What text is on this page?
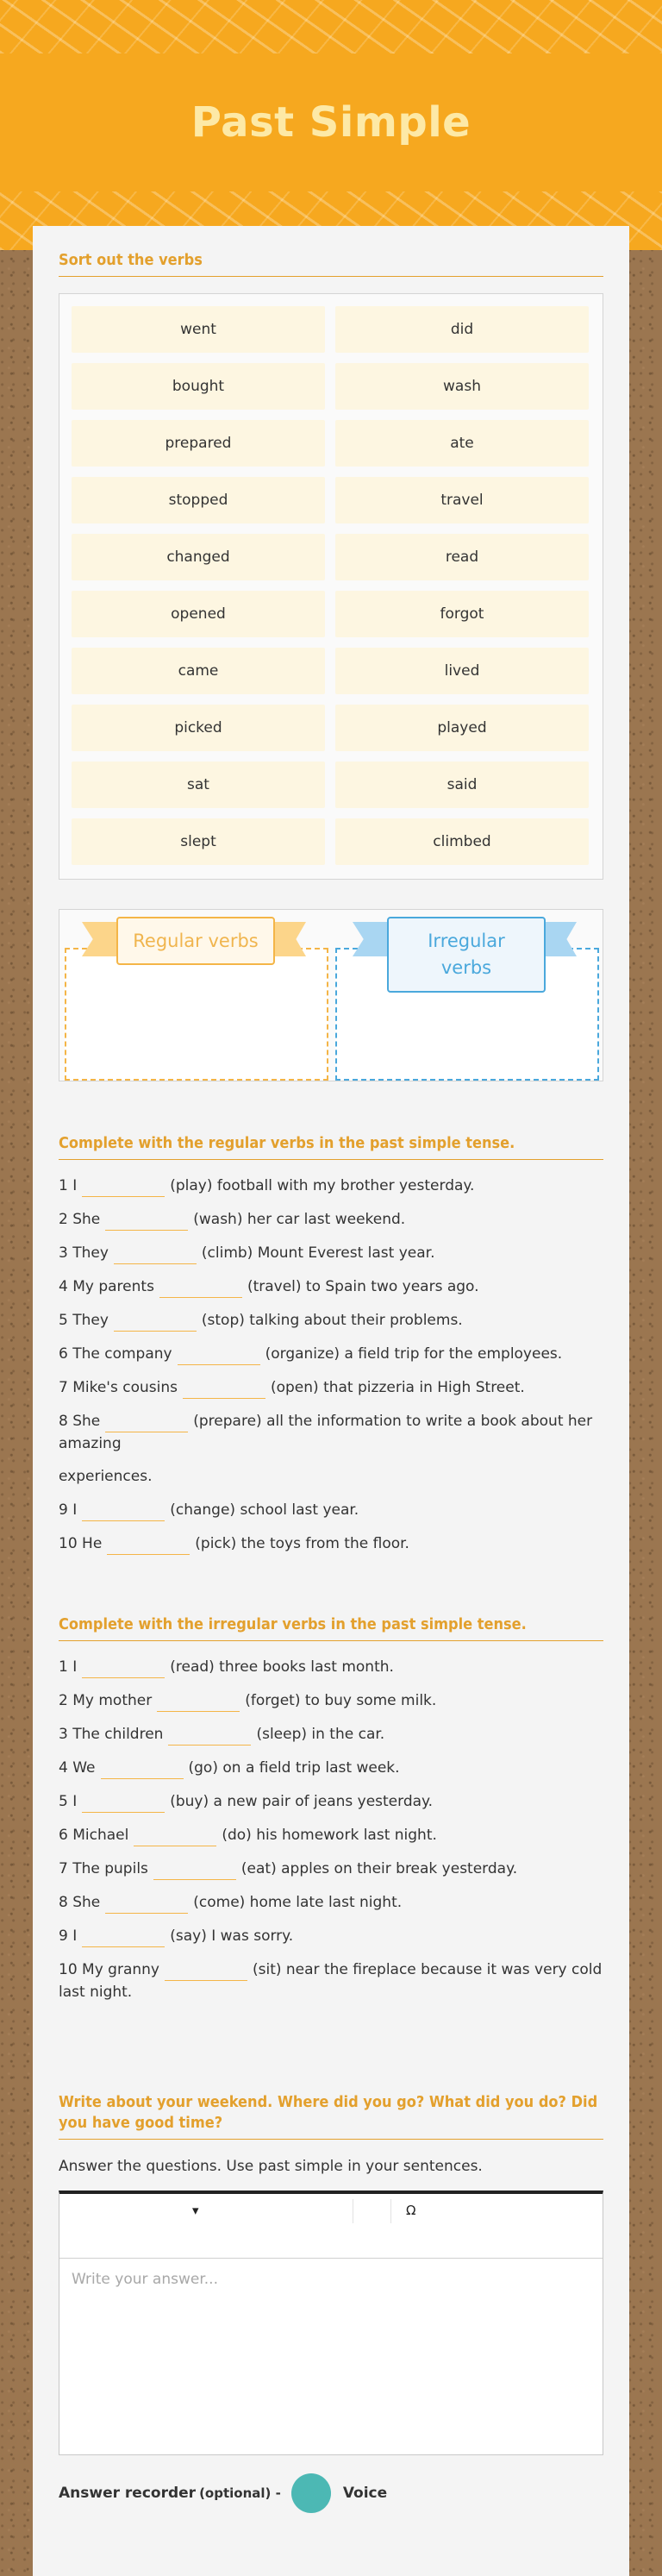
Past Simple
Sort out the verbs
went	did
bought	wash
prepared	ate
stopped	travel
changed	read
opened	forgot
came	lived
picked	played
sat	said
slept	climbed
Regular verbs	Irregular verbs
Complete with the regular verbs in the past simple tense.
1 I	(play) football with my brother yesterday.
2 She	(wash) her car last weekend.
3 They	(climb) Mount Everest last year.
4 My parents	(travel) to Spain two years ago.
5 They	(stop) talking about their problems.
6 The company	(organize) a field trip for the employees.
7 Mike's cousins	(open) that pizzeria in High Street.
8 She	(prepare) all the information to write a book about her amazing
experiences.
9 I	(change) school last year.
10 He	(pick) the toys from the floor.
Complete with the irregular verbs in the past simple tense.
1 I	(read) three books last month.
2 My mother	(forget) to buy some milk.
3 The children	(sleep) in the car.
4 We	(go) on a field trip last week.
5 I	(buy) a new pair of jeans yesterday.
6 Michael	(do) his homework last night.
7 The pupils	(eat) apples on their break yesterday.
8 She	(come) home late last night.
9 I	(say) I was sorry.
10 My granny	(sit) near the fireplace because it was very cold last night.
Write about your weekend. Where did you go? What did you do? Did you have good time?
Answer the questions. Use past simple in your sentences.
▾	Ω
Write your answer...
Answer recorder (optional) -	Voice
